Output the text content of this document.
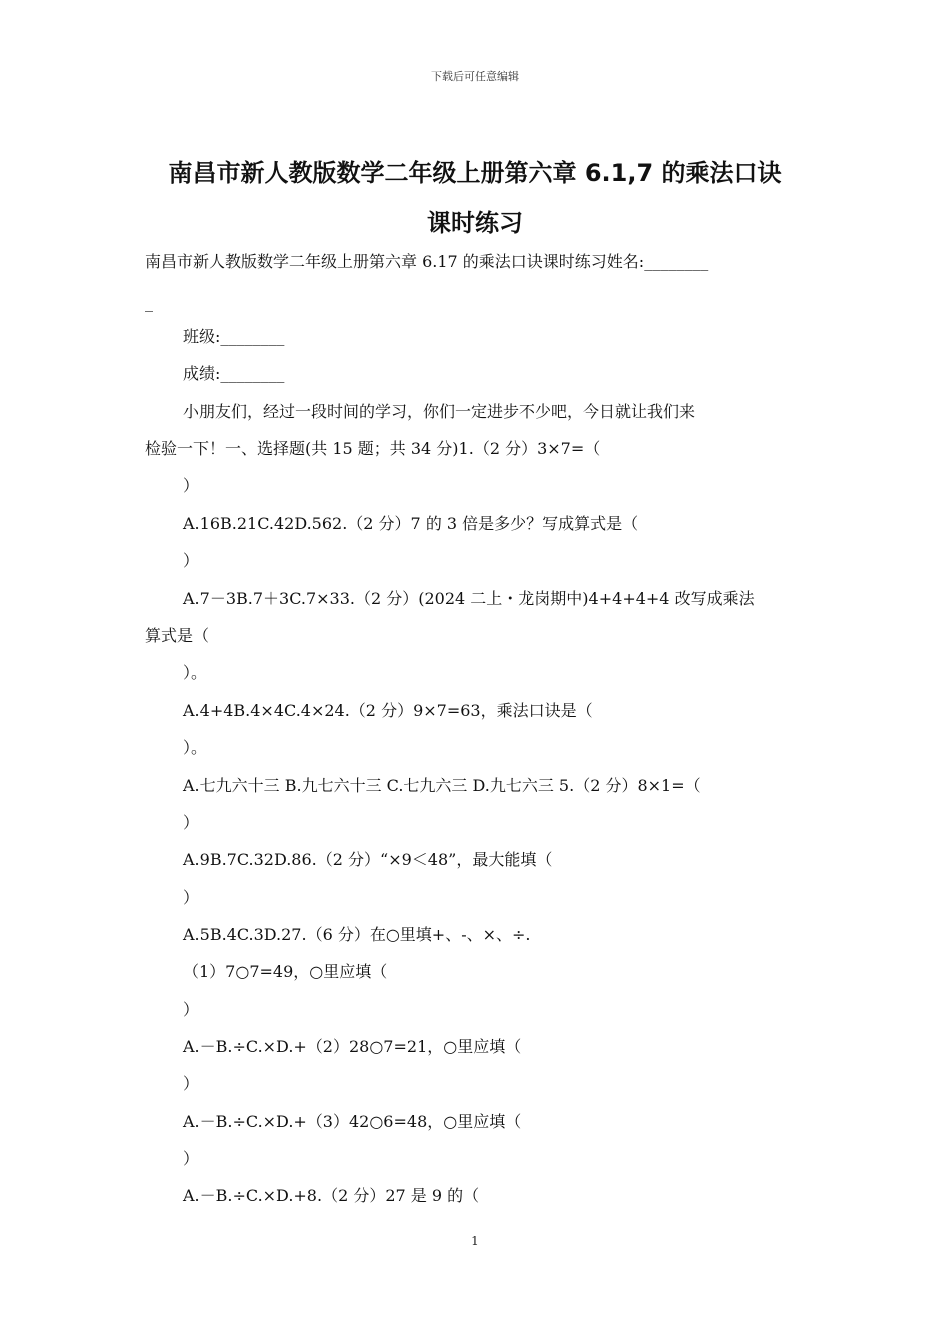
下载后可任意编辑
南昌市新人教版数学二年级上册第六章 6.1,7 的乘法口诀
课时练习
南昌市新人教版数学二年级上册第六章 6.17 的乘法口诀课时练习姓名:________
_
班级:________
成绩:________
小朋友们，经过一段时间的学习，你们一定进步不少吧，今日就让我们来
检验一下！一、选择题(共 15 题；共 34 分)1.（2 分）3×7=（
）
A.16B.21C.42D.562.（2 分）7 的 3 倍是多少？写成算式是（
）
A.7－3B.7＋3C.7×33.（2 分）(2024 二上・龙岗期中)4+4+4+4 改写成乘法
算式是（
）。
A.4+4B.4×4C.4×24.（2 分）9×7=63，乘法口诀是（
）。
A.七九六十三 B.九七六十三 C.七九六三 D.九七六三 5.（2 分）8×1=（
）
A.9B.7C.32D.86.（2 分）“×9＜48”，最大能填（
）
A.5B.4C.3D.27.（6 分）在○里填+、-、×、÷.
（1）7○7=49，○里应填（
）
A.－B.÷C.×D.+（2）28○7=21，○里应填（
）
A.－B.÷C.×D.+（3）42○6=48，○里应填（
）
A.－B.÷C.×D.+8.（2 分）27 是 9 的（
1
